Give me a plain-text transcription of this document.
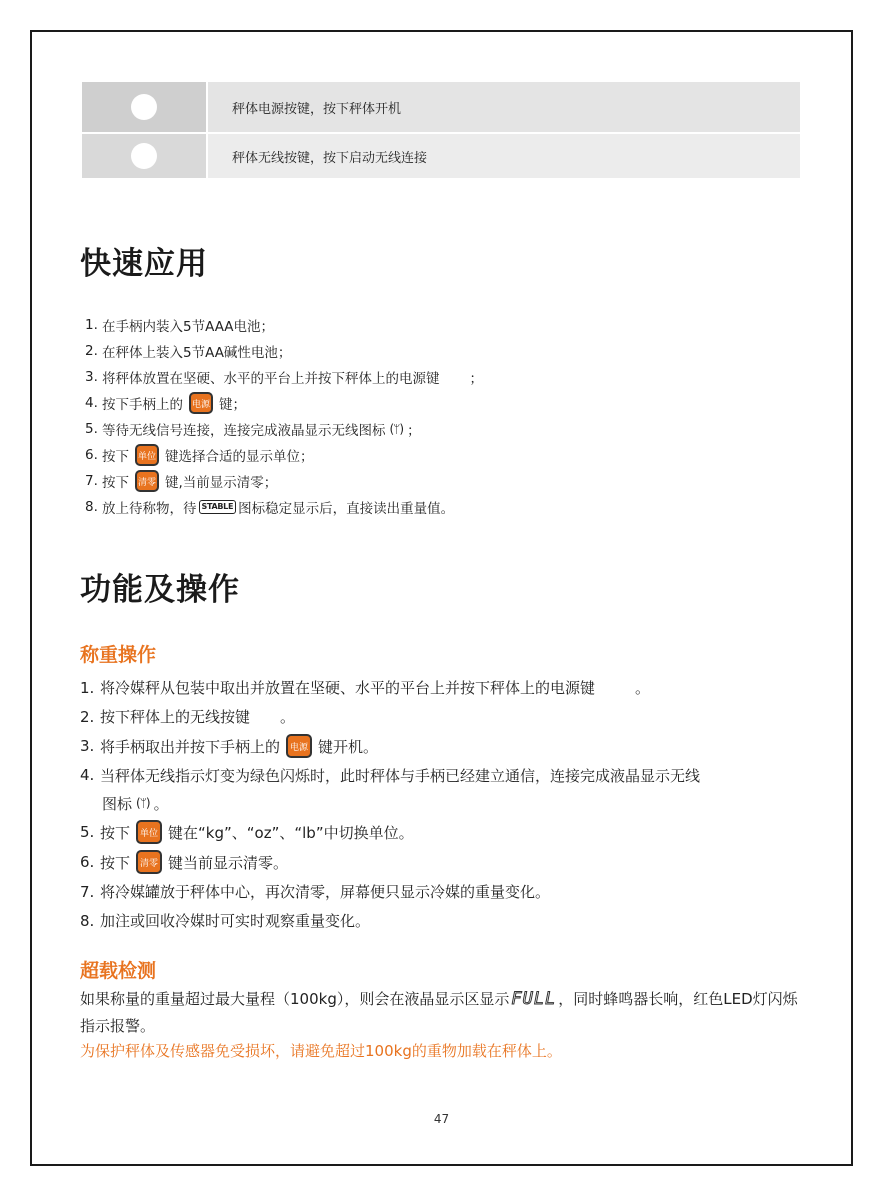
秤体电源按键，按下秤体开机
秤体无线按键，按下启动无线连接
快速应用
1. 在手柄内装入5节AAA电池；
2. 在秤体上装入5节AA碱性电池；
3. 将秤体放置在坚硬、水平的平台上并按下秤体上的电源键 ；
4. 按下手柄上的 电源 键；
5. 等待无线信号连接，连接完成液晶显示无线图标 (ᛘ) ；
6. 按下 单位 键选择合适的显示单位；
7. 按下 清零 键,当前显示清零；
8. 放上待称物，待 STABLE 图标稳定显示后，直接读出重量值。
功能及操作
称重操作
1. 将冷媒秤从包装中取出并放置在坚硬、水平的平台上并按下秤体上的电源键	。
2. 按下秤体上的无线按键 。
3. 将手柄取出并按下手柄上的	电源 键开机。
4. 当秤体无线指示灯变为绿色闪烁时，此时秤体与手柄已经建立通信，连接完成液晶显示无线
图标 (ᛘ) 。
5. 按下	单位 键在“kg”、“oz”、“lb”中切换单位。
6. 按下	清零 键当前显示清零。
7. 将冷媒罐放于秤体中心，再次清零，屏幕便只显示冷媒的重量变化。
8. 加注或回收冷媒时可实时观察重量变化。
超载检测
如果称量的重量超过最大量程（100kg），则会在液晶显示区显示 FULL ，同时蜂鸣器长响，红色LED灯闪烁指示报警。
为保护秤体及传感器免受损坏，请避免超过100kg的重物加载在秤体上。
47
